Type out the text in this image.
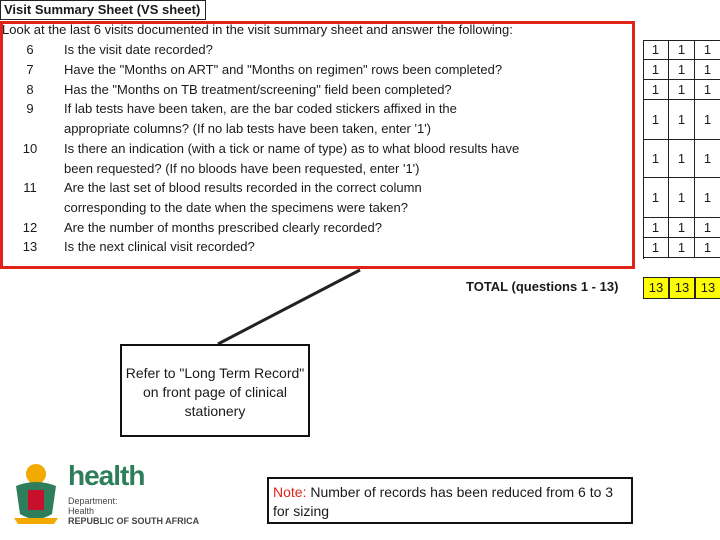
Visit Summary Sheet (VS sheet)
Look at the last 6 visits documented in the visit summary sheet and answer the following:
6	Is the visit date recorded?
7	Have the "Months on ART" and "Months on regimen" rows been completed?
8	Has the "Months on TB treatment/screening" field been completed?
9	If lab tests have been taken, are the bar coded stickers affixed in the appropriate columns? (If no lab tests have been taken, enter '1')
10	Is there an indication (with a tick or name of type) as to what blood results have been requested? (If no bloods have been requested, enter '1')
11	Are the last set of blood results recorded in the correct column corresponding to the date when the specimens were taken?
12	Are the number of months prescribed clearly recorded?
13	Is the next clinical visit recorded?
1	1	1
1	1	1
1	1	1
1	1	1
1	1	1
1	1	1
1	1	1
1	1	1
TOTAL (questions 1 - 13)	13 13 13
Refer to "Long Term Record" on front page of clinical stationery
health
Department:
Health
REPUBLIC OF SOUTH AFRICA
Note: Number of records has been reduced from 6 to 3 for sizing
